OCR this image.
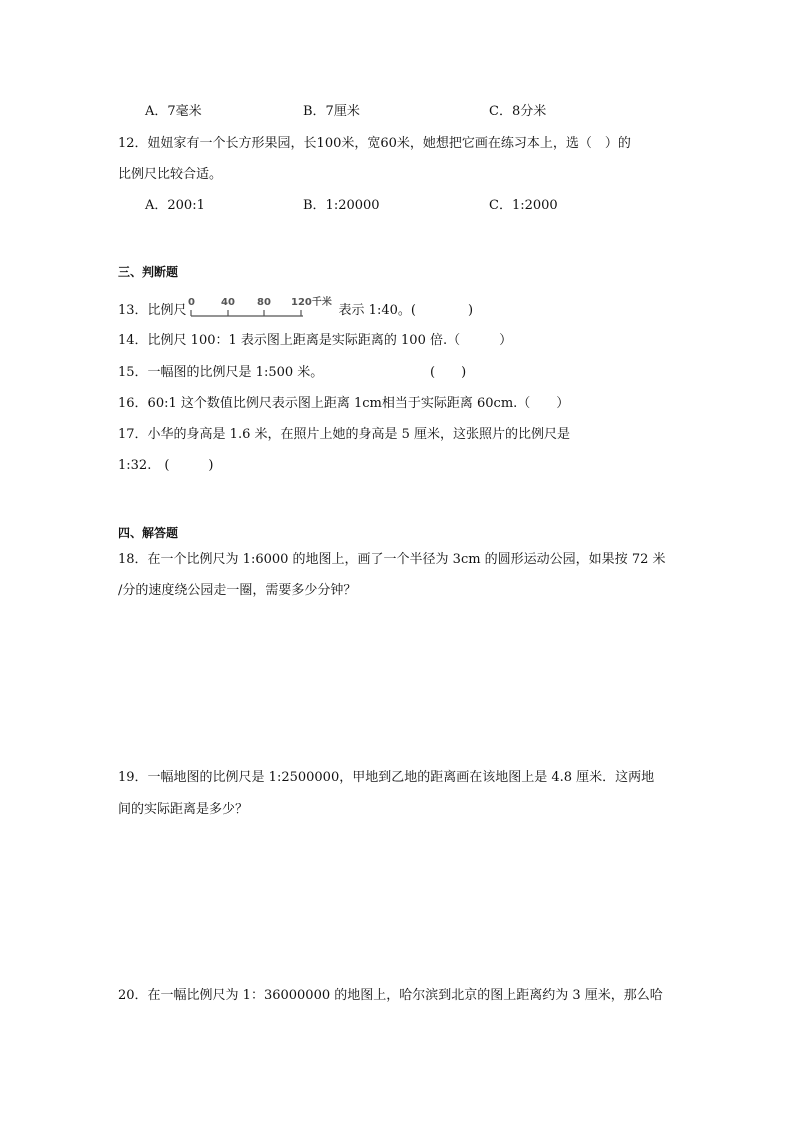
A．7毫米	B．7厘米	C．8分米
12．妞妞家有一个长方形果园，长100米，宽60米，她想把它画在练习本上，选（　）的
比例尺比较合适。
A．200:1	B．1:20000	C．1:2000
三、判断题
13．比例尺
0	40 80 120千米
表示 1:40。(　　　　)
14．比例尺 100：1 表示图上距离是实际距离的 100 倍.（　　　）
15．一幅图的比例尺是 1:500 米。	(　　)
16．60:1 这个数值比例尺表示图上距离 1cm相当于实际距离 60cm.（　　）
17．小华的身高是 1.6 米，在照片上她的身高是 5 厘米，这张照片的比例尺是
1:32.　(　　　)
四、解答题
18．在一个比例尺为 1:6000 的地图上，画了一个半径为 3cm 的圆形运动公园，如果按 72 米
/分的速度绕公园走一圈，需要多少分钟？
19．一幅地图的比例尺是 1:2500000，甲地到乙地的距离画在该地图上是 4.8 厘米．这两地
间的实际距离是多少？
20．在一幅比例尺为 1：36000000 的地图上，哈尔滨到北京的图上距离约为 3 厘米，那么哈
